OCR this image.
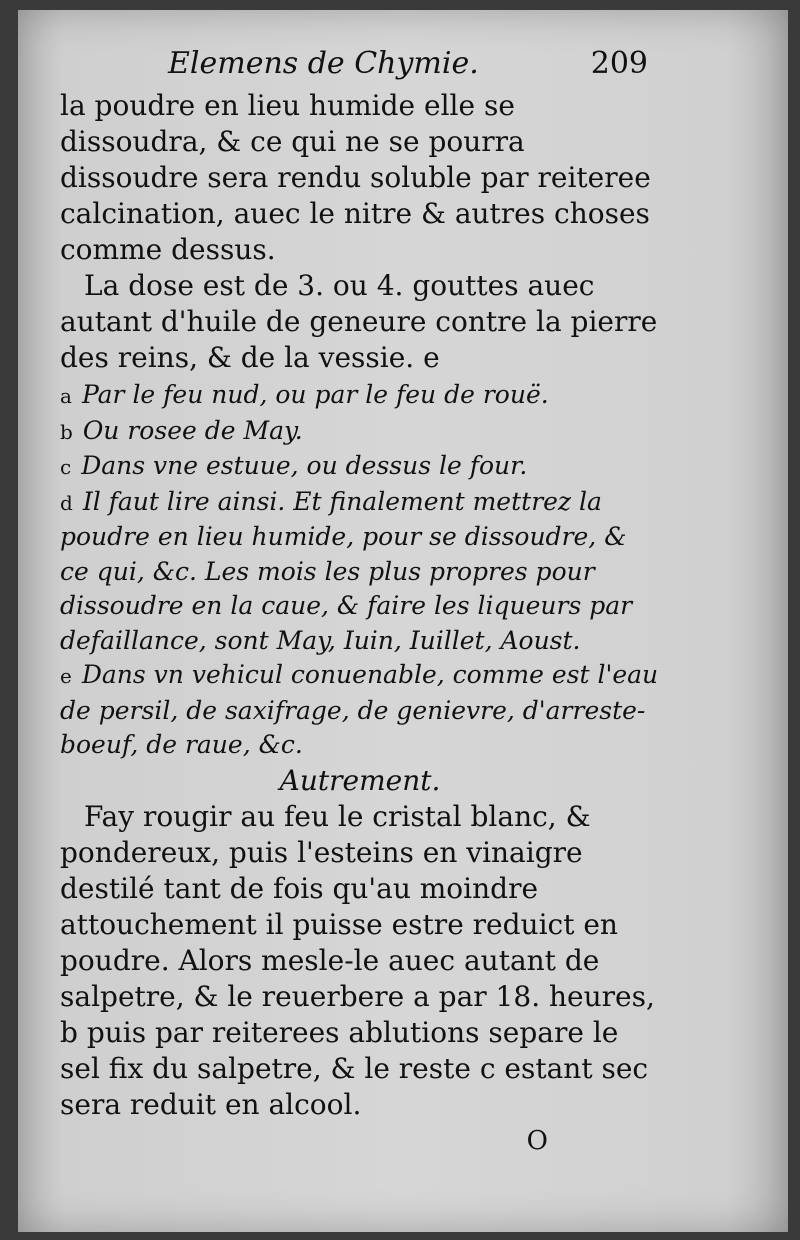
Elemens de Chymie.	209

la poudre en lieu humide elle se dissoudra, & ce qui ne se pourra dissoudre sera rendu soluble par reiteree calcination, auec le nitre & autres choses comme dessus.

La dose est de 3. ou 4. gouttes auec autant d'huile de geneure contre la pierre des reins, & de la vessie. e

a Par le feu nud, ou par le feu de rouë.

b Ou rosee de May.

c Dans vne estuue, ou dessus le four.

d Il faut lire ainsi. Et finalement mettrez la poudre en lieu humide, pour se dissoudre, & ce qui, &c. Les mois les plus propres pour dissoudre en la caue, & faire les liqueurs par defaillance, sont May, Iuin, Iuillet, Aoust.

e Dans vn vehicul conuenable, comme est l'eau de persil, de saxifrage, de genievre, d'arreste-boeuf, de raue, &c.

Autrement.

Fay rougir au feu le cristal blanc, & pondereux, puis l'esteins en vinaigre destilé tant de fois qu'au moindre attouchement il puisse estre reduict en poudre. Alors mesle-le auec autant de salpetre, & le reuerbere a par 18. heures, b puis par reiterees ablutions separe le sel fix du salpetre, & le reste c estant sec sera reduit en alcool.

O
